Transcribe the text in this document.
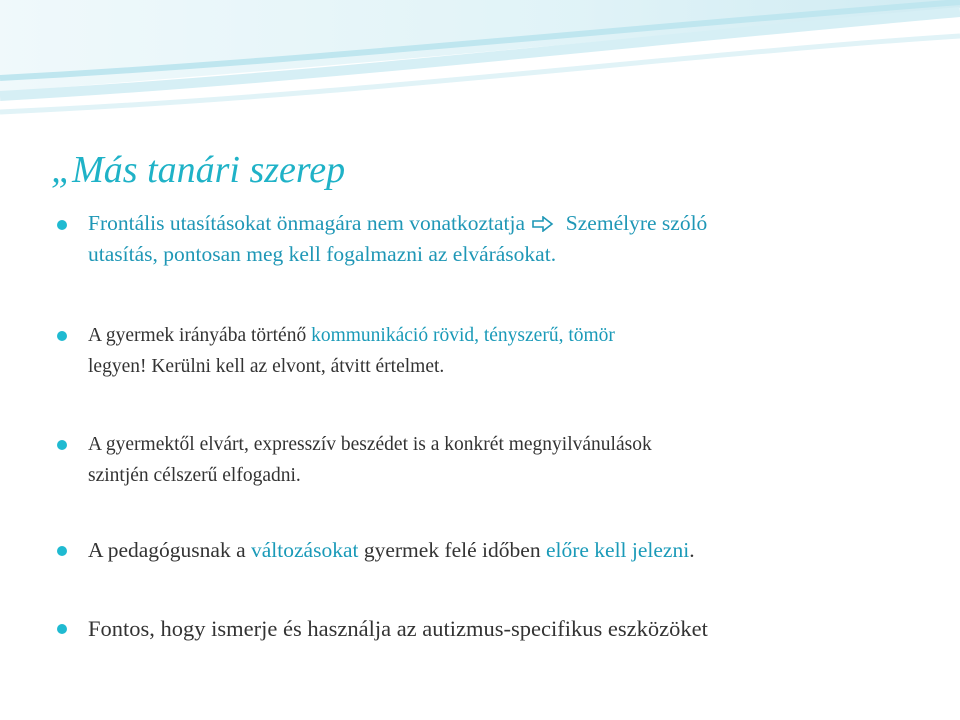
„Más tanári szerep
Frontális utasításokat önmagára nem vonatkoztatja Személyre szóló
utasítás, pontosan meg kell fogalmazni az elvárásokat.
A gyermek irányába történő kommunikáció rövid, tényszerű, tömör
legyen! Kerülni kell az elvont, átvitt értelmet.
A gyermektől elvárt, expresszív beszédet is a konkrét megnyilvánulások
szintjén célszerű elfogadni.
A pedagógusnak a változásokat gyermek felé időben előre kell jelezni.
Fontos, hogy ismerje és használja az autizmus-specifikus eszközöket
